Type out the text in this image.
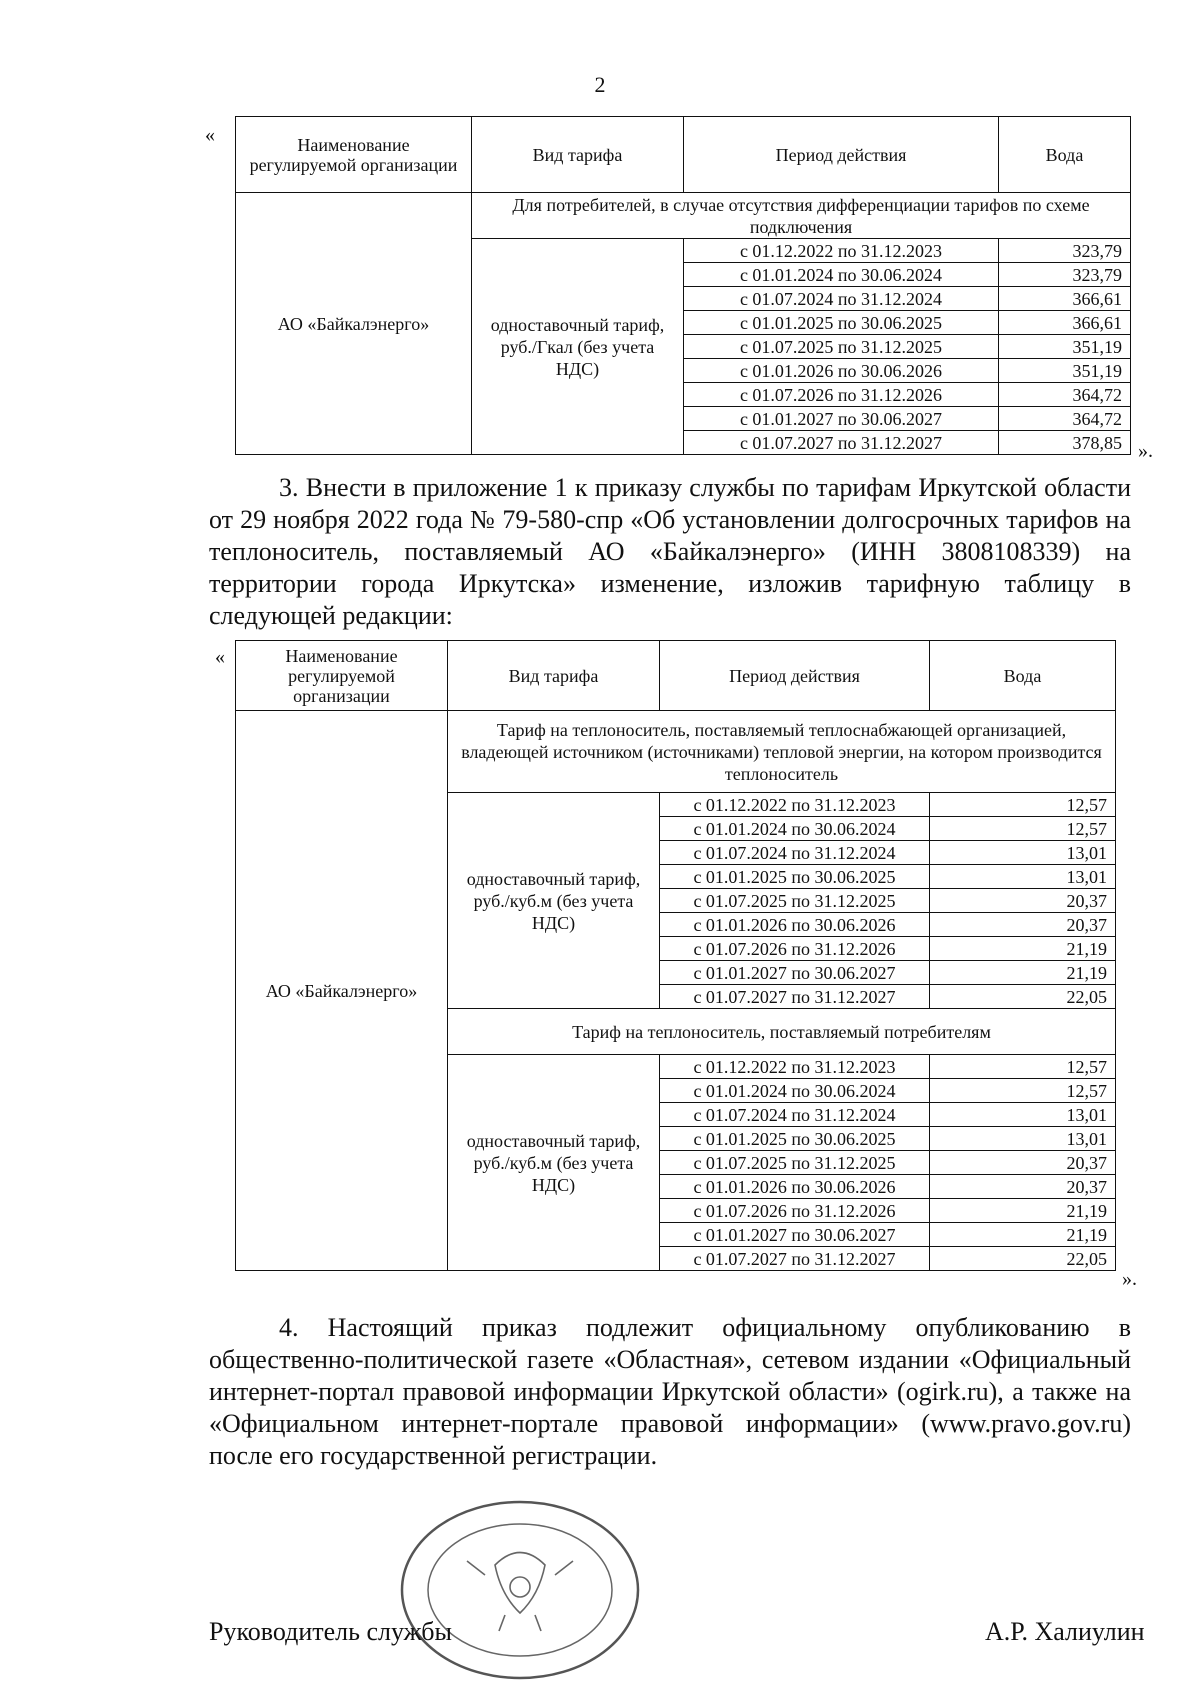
2
«	Наименование регулируемой организации	Вид тарифа	Период действия	Вода
АО «Байкалэнерго»	Для потребителей, в случае отсутствия дифференциации тарифов по схеме подключения		
	одноставочный тариф, руб./Гкал (без учета НДС)	с 01.12.2022 по 31.12.2023	323,79
		с 01.01.2024 по 30.06.2024	323,79
		с 01.07.2024 по 31.12.2024	366,61
		с 01.01.2025 по 30.06.2025	366,61
		с 01.07.2025 по 31.12.2025	351,19
		с 01.01.2026 по 30.06.2026	351,19
		с 01.07.2026 по 31.12.2026	364,72
		с 01.01.2027 по 30.06.2027	364,72
		с 01.07.2027 по 31.12.2027	378,85 ».
3. Внести в приложение 1 к приказу службы по тарифам Иркутской области от 29 ноября 2022 года № 79-580-спр «Об установлении долгосрочных тарифов на теплоноситель, поставляемый АО «Байкалэнерго» (ИНН 3808108339) на территории города Иркутска» изменение, изложив тарифную таблицу в следующей редакции:
«	Наименование регулируемой организации	Вид тарифа	Период действия	Вода
АО «Байкалэнерго»	Тариф на теплоноситель, поставляемый теплоснабжающей организацией, владеющей источником (источниками) тепловой энергии, на котором производится теплоноситель		
	одноставочный тариф, руб./куб.м (без учета НДС)	с 01.12.2022 по 31.12.2023	12,57
		с 01.01.2024 по 30.06.2024	12,57
		с 01.07.2024 по 31.12.2024	13,01
		с 01.01.2025 по 30.06.2025	13,01
		с 01.07.2025 по 31.12.2025	20,37
		с 01.01.2026 по 30.06.2026	20,37
		с 01.07.2026 по 31.12.2026	21,19
		с 01.01.2027 по 30.06.2027	21,19
		с 01.07.2027 по 31.12.2027	22,05
	Тариф на теплоноситель, поставляемый потребителям		
	одноставочный тариф, руб./куб.м (без учета НДС)	с 01.12.2022 по 31.12.2023	12,57
		с 01.01.2024 по 30.06.2024	12,57
		с 01.07.2024 по 31.12.2024	13,01
		с 01.01.2025 по 30.06.2025	13,01
		с 01.07.2025 по 31.12.2025	20,37
		с 01.01.2026 по 30.06.2026	20,37
		с 01.07.2026 по 31.12.2026	21,19
		с 01.01.2027 по 30.06.2027	21,19
		с 01.07.2027 по 31.12.2027	22,05
».
4. Настоящий приказ подлежит официальному опубликованию в общественно-политической газете «Областная», сетевом издании «Официальный интернет-портал правовой информации Иркутской области» (ogirk.ru), а также на «Официальном интернет-портале правовой информации» (www.pravo.gov.ru) после его государственной регистрации.
Руководитель службы	А.Р. Халиулин
